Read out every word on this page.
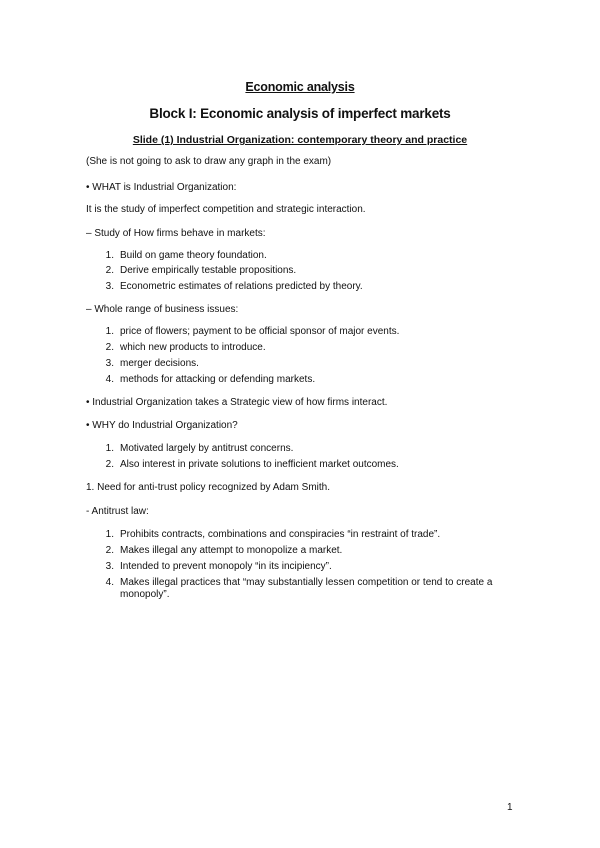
Economic analysis
Block I: Economic analysis of imperfect markets
Slide (1) Industrial Organization: contemporary theory and practice
(She is not going to ask to draw any graph in the exam)
• WHAT is Industrial Organization:
It is the study of imperfect competition and strategic interaction.
– Study of How firms behave in markets:
1. Build on game theory foundation.
2. Derive empirically testable propositions.
3. Econometric estimates of relations predicted by theory.
– Whole range of business issues:
1. price of flowers; payment to be official sponsor of major events.
2. which new products to introduce.
3. merger decisions.
4. methods for attacking or defending markets.
• Industrial Organization takes a Strategic view of how firms interact.
• WHY do Industrial Organization?
1. Motivated largely by antitrust concerns.
2. Also interest in private solutions to inefficient market outcomes.
1. Need for anti-trust policy recognized by Adam Smith.
- Antitrust law:
1. Prohibits contracts, combinations and conspiracies “in restraint of trade”.
2. Makes illegal any attempt to monopolize a market.
3. Intended to prevent monopoly “in its incipiency”.
4. Makes illegal practices that “may substantially lessen competition or tend to create a monopoly”.
1
